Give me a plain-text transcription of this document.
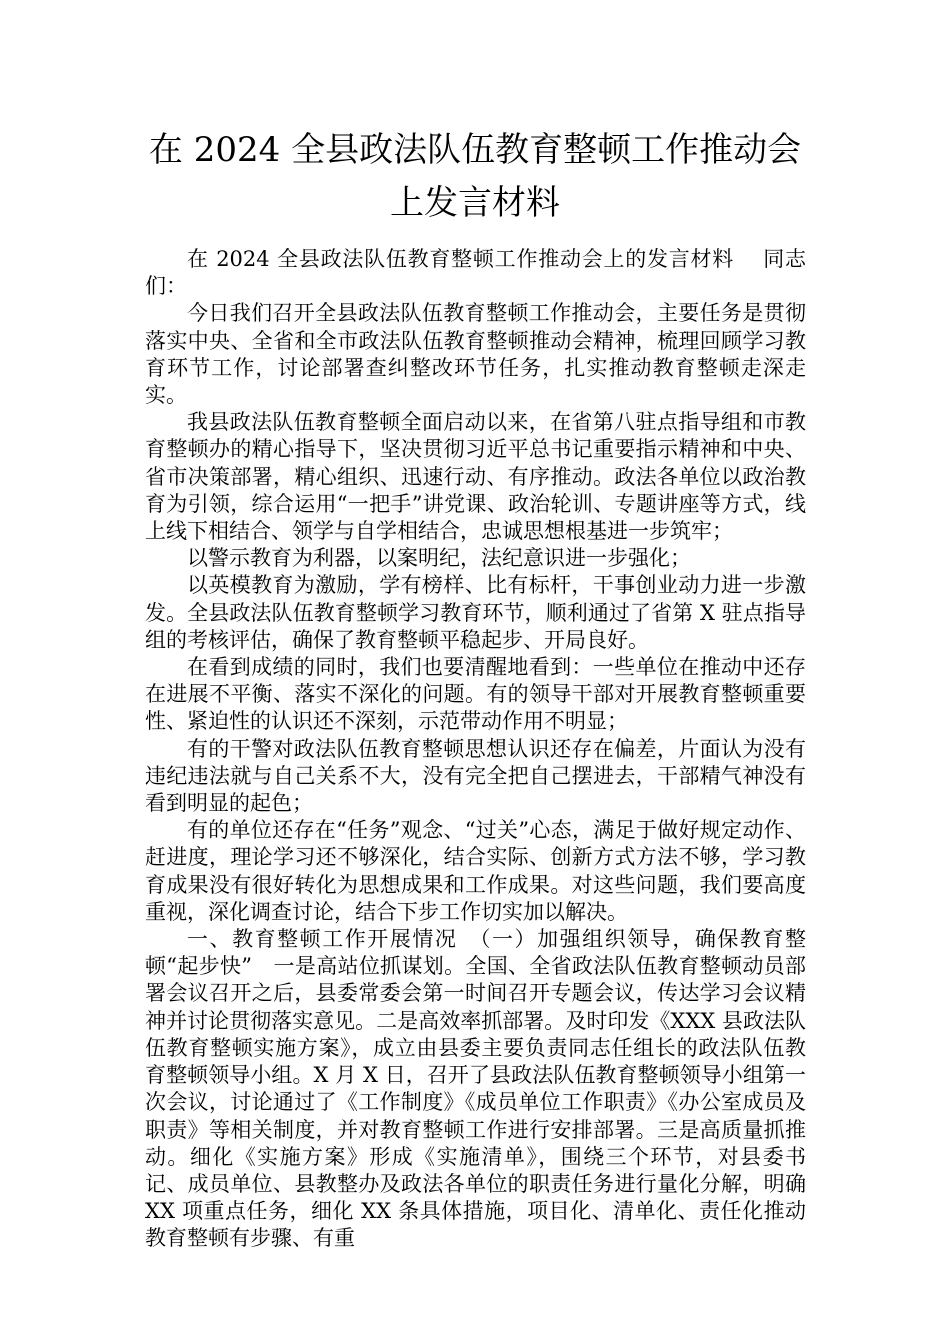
在 2024 全县政法队伍教育整顿工作推动会上发言材料

在 2024 全县政法队伍教育整顿工作推动会上的发言材料　 同志们：

今日我们召开全县政法队伍教育整顿工作推动会，主要任务是贯彻落实中央、全省和全市政法队伍教育整顿推动会精神，梳理回顾学习教育环节工作，讨论部署查纠整改环节任务，扎实推动教育整顿走深走实。

我县政法队伍教育整顿全面启动以来，在省第八驻点指导组和市教育整顿办的精心指导下，坚决贯彻习近平总书记重要指示精神和中央、省市决策部署，精心组织、迅速行动、有序推动。政法各单位以政治教育为引领，综合运用“一把手”讲党课、政治轮训、专题讲座等方式，线上线下相结合、领学与自学相结合，忠诚思想根基进一步筑牢；

以警示教育为利器，以案明纪，法纪意识进一步强化；

以英模教育为激励，学有榜样、比有标杆，干事创业动力进一步激发。全县政法队伍教育整顿学习教育环节，顺利通过了省第 X 驻点指导组的考核评估，确保了教育整顿平稳起步、开局良好。

在看到成绩的同时，我们也要清醒地看到：一些单位在推动中还存在进展不平衡、落实不深化的问题。有的领导干部对开展教育整顿重要性、紧迫性的认识还不深刻，示范带动作用不明显；

有的干警对政法队伍教育整顿思想认识还存在偏差，片面认为没有违纪违法就与自己关系不大，没有完全把自己摆进去，干部精气神没有看到明显的起色；

有的单位还存在“任务”观念、“过关”心态，满足于做好规定动作、赶进度，理论学习还不够深化，结合实际、创新方式方法不够，学习教育成果没有很好转化为思想成果和工作成果。对这些问题，我们要高度重视，深化调查讨论，结合下步工作切实加以解决。

一、教育整顿工作开展情况　（一）加强组织领导，确保教育整顿“起步快”　一是高站位抓谋划。全国、全省政法队伍教育整顿动员部署会议召开之后，县委常委会第一时间召开专题会议，传达学习会议精神并讨论贯彻落实意见。二是高效率抓部署。及时印发《XXX 县政法队伍教育整顿实施方案》，成立由县委主要负责同志任组长的政法队伍教育整顿领导小组。X 月 X 日，召开了县政法队伍教育整顿领导小组第一次会议，讨论通过了《工作制度》《成员单位工作职责》《办公室成员及职责》等相关制度，并对教育整顿工作进行安排部署。三是高质量抓推动。细化《实施方案》形成《实施清单》，围绕三个环节，对县委书记、成员单位、县教整办及政法各单位的职责任务进行量化分解，明确 XX 项重点任务，细化 XX 条具体措施，项目化、清单化、责任化推动教育整顿有步骤、有重
